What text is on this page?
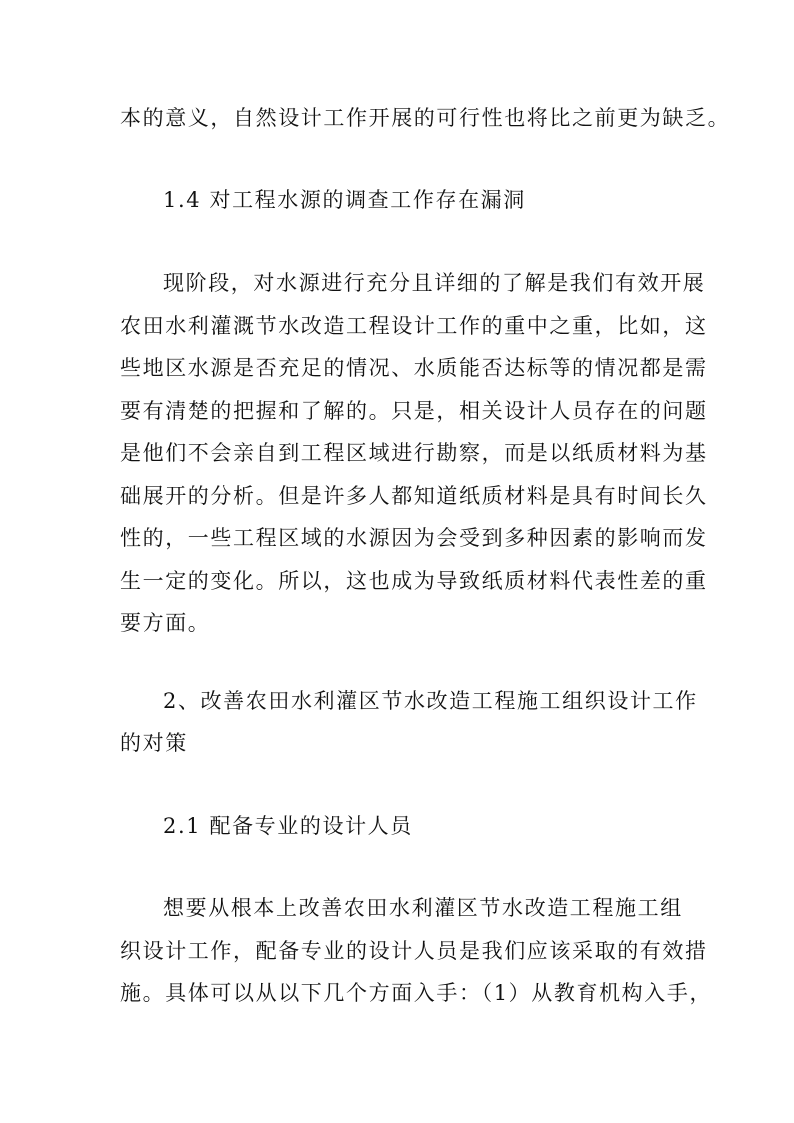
本的意义，自然设计工作开展的可行性也将比之前更为缺乏。
1.4 对工程水源的调查工作存在漏洞
现阶段，对水源进行充分且详细的了解是我们有效开展
农田水利灌溉节水改造工程设计工作的重中之重，比如，这
些地区水源是否充足的情况、水质能否达标等的情况都是需
要有清楚的把握和了解的。只是，相关设计人员存在的问题
是他们不会亲自到工程区域进行勘察，而是以纸质材料为基
础展开的分析。但是许多人都知道纸质材料是具有时间长久
性的，一些工程区域的水源因为会受到多种因素的影响而发
生一定的变化。所以，这也成为导致纸质材料代表性差的重
要方面。
2、改善农田水利灌区节水改造工程施工组织设计工作
的对策
2.1 配备专业的设计人员
想要从根本上改善农田水利灌区节水改造工程施工组
织设计工作，配备专业的设计人员是我们应该采取的有效措
施。具体可以从以下几个方面入手：（1）从教育机构入手，
